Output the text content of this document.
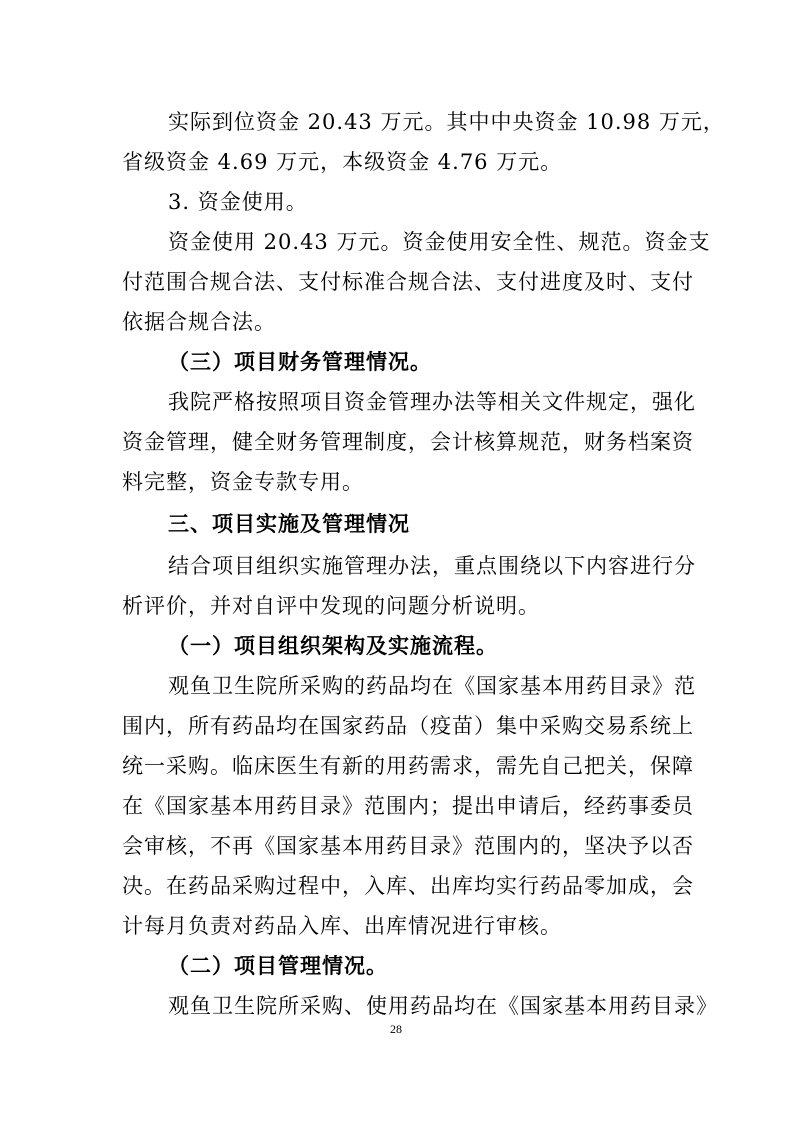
实际到位资金 20.43 万元。其中中央资金 10.98 万元，
省级资金 4.69 万元，本级资金 4.76 万元。
3. 资金使用。
资金使用 20.43 万元。资金使用安全性、规范。资金支
付范围合规合法、支付标准合规合法、支付进度及时、支付
依据合规合法。
（三）项目财务管理情况。
我院严格按照项目资金管理办法等相关文件规定，强化
资金管理，健全财务管理制度，会计核算规范，财务档案资
料完整，资金专款专用。
三、项目实施及管理情况
结合项目组织实施管理办法，重点围绕以下内容进行分
析评价，并对自评中发现的问题分析说明。
（一）项目组织架构及实施流程。
观鱼卫生院所采购的药品均在《国家基本用药目录》范
围内，所有药品均在国家药品（疫苗）集中采购交易系统上
统一采购。临床医生有新的用药需求，需先自己把关，保障
在《国家基本用药目录》范围内；提出申请后，经药事委员
会审核，不再《国家基本用药目录》范围内的，坚决予以否
决。在药品采购过程中，入库、出库均实行药品零加成，会
计每月负责对药品入库、出库情况进行审核。
（二）项目管理情况。
观鱼卫生院所采购、使用药品均在《国家基本用药目录》
28
